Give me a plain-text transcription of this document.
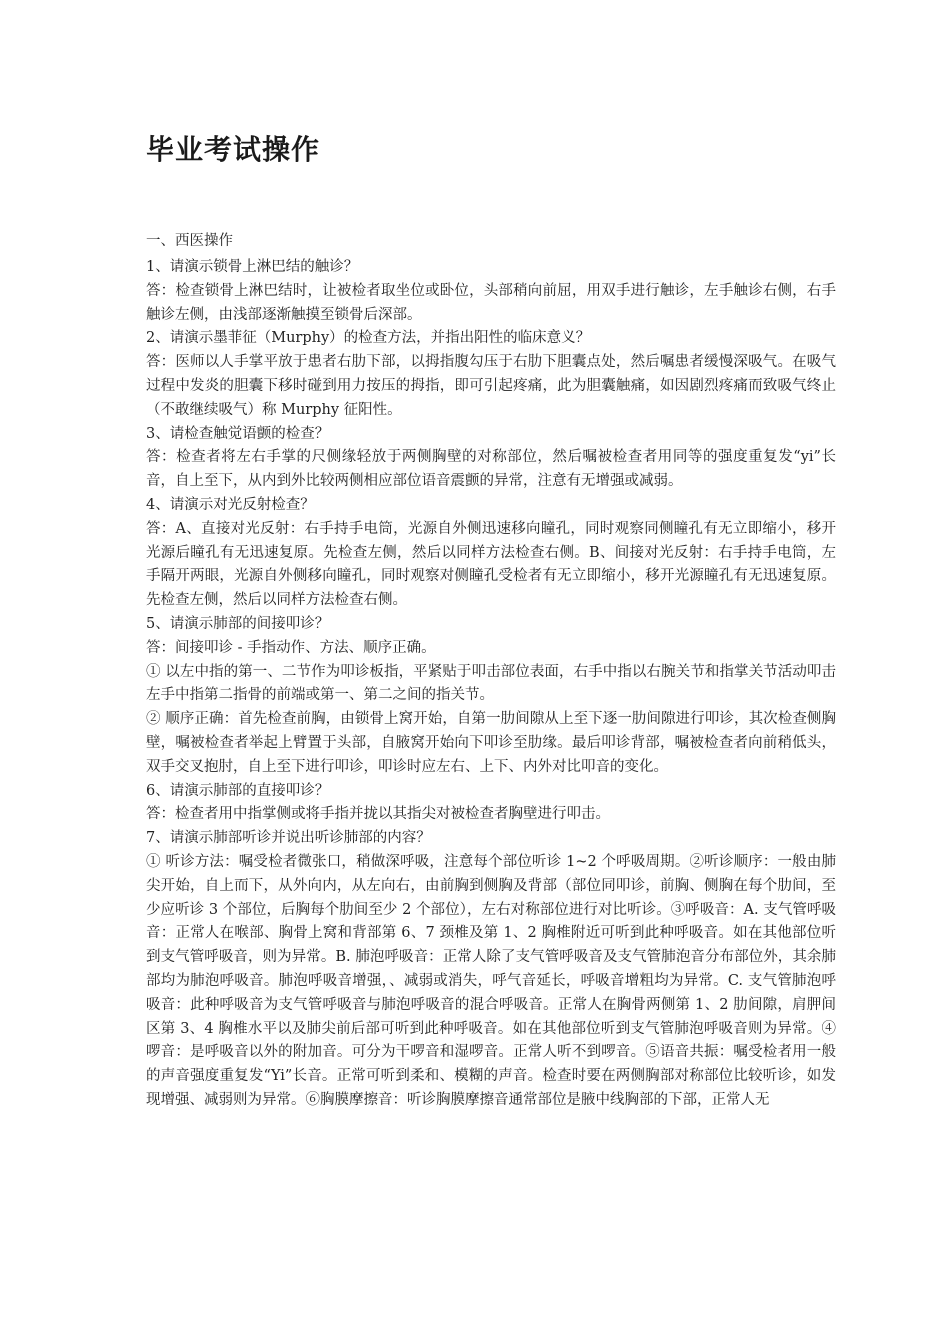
毕业考试操作
一、西医操作

1、请演示锁骨上淋巴结的触诊？

答：检查锁骨上淋巴结时，让被检者取坐位或卧位，头部稍向前屈，用双手进行触诊，左手触诊右侧，右手触诊左侧，由浅部逐渐触摸至锁骨后深部。

2、请演示墨菲征（Murphy）的检查方法，并指出阳性的临床意义？

答：医师以人手掌平放于患者右肋下部，以拇指腹勾压于右肋下胆囊点处，然后嘱患者缓慢深吸气。在吸气过程中发炎的胆囊下移时碰到用力按压的拇指，即可引起疼痛，此为胆囊触痛，如因剧烈疼痛而致吸气终止（不敢继续吸气）称 Murphy 征阳性。

3、请检查触觉语颤的检查？

答：检查者将左右手掌的尺侧缘轻放于两侧胸壁的对称部位，然后嘱被检查者用同等的强度重复发“yi”长音，自上至下，从内到外比较两侧相应部位语音震颤的异常，注意有无增强或减弱。

4、请演示对光反射检查？

答：A、直接对光反射：右手持手电筒，光源自外侧迅速移向瞳孔，同时观察同侧瞳孔有无立即缩小，移开光源后瞳孔有无迅速复原。先检查左侧，然后以同样方法检查右侧。B、间接对光反射：右手持手电筒，左手隔开两眼，光源自外侧移向瞳孔，同时观察对侧瞳孔受检者有无立即缩小，移开光源瞳孔有无迅速复原。先检查左侧，然后以同样方法检查右侧。

5、请演示肺部的间接叩诊？

答：间接叩诊 - 手指动作、方法、顺序正确。

① 以左中指的第一、二节作为叩诊板指，平紧贴于叩击部位表面，右手中指以右腕关节和指掌关节活动叩击左手中指第二指骨的前端或第一、第二之间的指关节。

② 顺序正确：首先检查前胸，由锁骨上窝开始，自第一肋间隙从上至下逐一肋间隙进行叩诊，其次检查侧胸壁，嘱被检查者举起上臂置于头部，自腋窝开始向下叩诊至肋缘。最后叩诊背部，嘱被检查者向前稍低头，双手交叉抱肘，自上至下进行叩诊，叩诊时应左右、上下、内外对比叩音的变化。

6、请演示肺部的直接叩诊？

答：检查者用中指掌侧或将手指并拢以其指尖对被检查者胸壁进行叩击。

7、请演示肺部听诊并说出听诊肺部的内容？

① 听诊方法：嘱受检者微张口，稍做深呼吸，注意每个部位听诊 1~2 个呼吸周期。②听诊顺序：一般由肺尖开始，自上而下，从外向内，从左向右，由前胸到侧胸及背部（部位同叩诊，前胸、侧胸在每个肋间，至少应听诊 3 个部位，后胸每个肋间至少 2 个部位），左右对称部位进行对比听诊。③呼吸音：A. 支气管呼吸音：正常人在喉部、胸骨上窝和背部第 6、7 颈椎及第 1、2 胸椎附近可听到此种呼吸音。如在其他部位听到支气管呼吸音，则为异常。B. 肺泡呼吸音：正常人除了支气管呼吸音及支气管肺泡音分布部位外，其余肺部均为肺泡呼吸音。肺泡呼吸音增强，、减弱或消失，呼气音延长，呼吸音增粗均为异常。C. 支气管肺泡呼吸音：此种呼吸音为支气管呼吸音与肺泡呼吸音的混合呼吸音。正常人在胸骨两侧第 1、2 肋间隙，肩胛间区第 3、4 胸椎水平以及肺尖前后部可听到此种呼吸音。如在其他部位听到支气管肺泡呼吸音则为异常。④啰音：是呼吸音以外的附加音。可分为干啰音和湿啰音。正常人听不到啰音。⑤语音共振：嘱受检者用一般的声音强度重复发“Yi”长音。正常可听到柔和、模糊的声音。检查时要在两侧胸部对称部位比较听诊，如发现增强、减弱则为异常。⑥胸膜摩擦音：听诊胸膜摩擦音通常部位是腋中线胸部的下部，正常人无
